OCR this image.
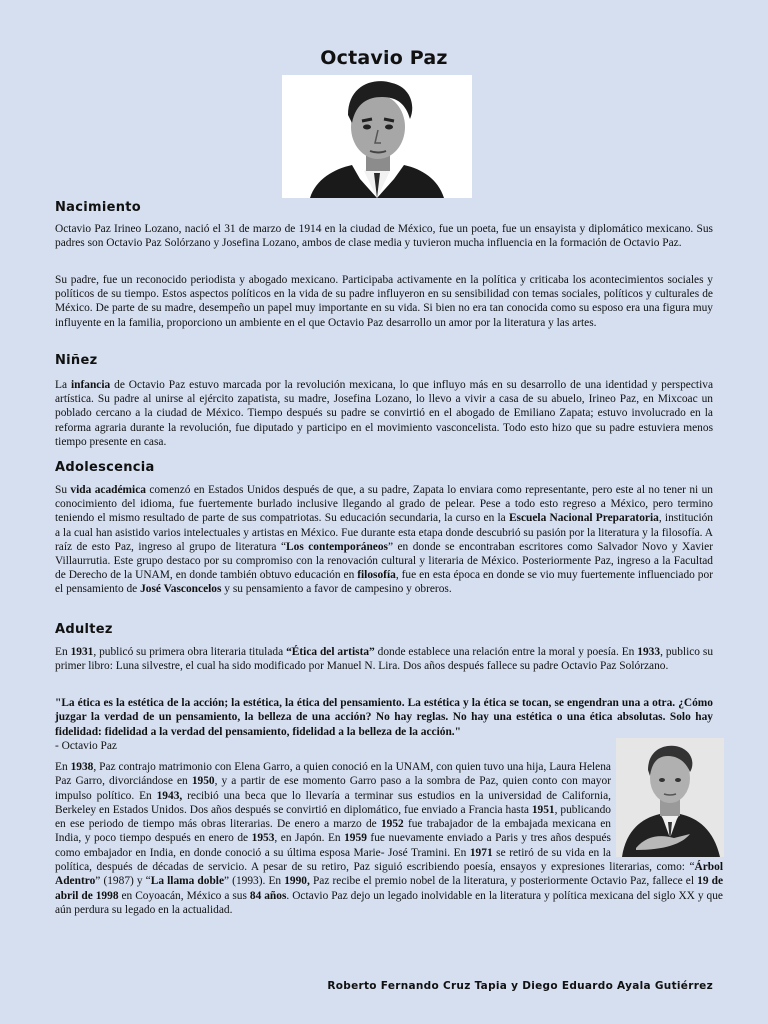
Octavio Paz
Nacimiento

Octavio Paz Irineo Lozano, nació el 31 de marzo de 1914 en la ciudad de México, fue un poeta, fue un ensayista y diplomático mexicano. Sus padres son Octavio Paz Solórzano y Josefina Lozano, ambos de clase media y tuvieron mucha influencia en la formación de Octavio Paz.

Su padre, fue un reconocido periodista y abogado mexicano. Participaba activamente en la política y criticaba los acontecimientos sociales y políticos de su tiempo. Estos aspectos políticos en la vida de su padre influyeron en su sensibilidad con temas sociales, políticos y culturales de México. De parte de su madre, desempeño un papel muy importante en su vida. Si bien no era tan conocida como su esposo era una figura muy influyente en la familia, proporciono un ambiente en el que Octavio Paz desarrollo un amor por la literatura y las artes.

Niñez

La infancia de Octavio Paz estuvo marcada por la revolución mexicana, lo que influyo más en su desarrollo de una identidad y perspectiva artística. Su padre al unirse al ejército zapatista, su madre, Josefina Lozano, lo llevo a vivir a casa de su abuelo, Irineo Paz, en Mixcoac un poblado cercano a la ciudad de México. Tiempo después su padre se convirtió en el abogado de Emiliano Zapata; estuvo involucrado en la reforma agraria durante la revolución, fue diputado y participo en el movimiento vasconcelista. Todo esto hizo que su padre estuviera menos tiempo presente en casa.

Adolescencia

Su vida académica comenzó en Estados Unidos después de que, a su padre, Zapata lo enviara como representante, pero este al no tener ni un conocimiento del idioma, fue fuertemente burlado inclusive llegando al grado de pelear. Pese a todo esto regreso a México, pero termino teniendo el mismo resultado de parte de sus compatriotas. Su educación secundaria, la curso en la Escuela Nacional Preparatoria, institución a la cual han asistido varios intelectuales y artistas en México. Fue durante esta etapa donde descubrió su pasión por la literatura y la filosofía. A raíz de esto Paz, ingreso al grupo de literatura “Los contemporáneos” en donde se encontraban escritores como Salvador Novo y Xavier Villaurrutia. Este grupo destaco por su compromiso con la renovación cultural y literaria de México. Posteriormente Paz, ingreso a la Facultad de Derecho de la UNAM, en donde también obtuvo educación en filosofía, fue en esta época en donde se vio muy fuertemente influenciado por el pensamiento de José Vasconcelos y su pensamiento a favor de campesino y obreros.

Adultez

En 1931, publicó su primera obra literaria titulada “Ética del artista” donde establece una relación entre la moral y poesía. En 1933, publico su primer libro: Luna silvestre, el cual ha sido modificado por Manuel N. Lira. Dos años después fallece su padre Octavio Paz Solórzano.

"La ética es la estética de la acción; la estética, la ética del pensamiento. La estética y la ética se tocan, se engendran una a otra. ¿Cómo juzgar la verdad de un pensamiento, la belleza de una acción? No hay reglas. No hay una estética o una ética absolutas. Solo hay fidelidad: fidelidad a la verdad del pensamiento, fidelidad a la belleza de la acción."
- Octavio Paz

En 1938, Paz contrajo matrimonio con Elena Garro, a quien conoció en la UNAM, con quien tuvo una hija, Laura Helena Paz Garro, divorciándose en 1950, y a partir de ese momento Garro paso a la sombra de Paz, quien conto con mayor impulso político. En 1943, recibió una beca que lo llevaría a terminar sus estudios en la universidad de California, Berkeley en Estados Unidos. Dos años después se convirtió en diplomático, fue enviado a Francia hasta 1951, publicando en ese periodo de tiempo más obras literarias. De enero a marzo de 1952 fue trabajador de la embajada mexicana en India, y poco tiempo después en enero de 1953, en Japón. En 1959 fue nuevamente enviado a Paris y tres años después como embajador en India, en donde conoció a su última esposa Marie- José Tramini. En 1971 se retiró de su vida en la política, después de décadas de servicio. A pesar de su retiro, Paz siguió escribiendo poesía, ensayos y expresiones literarias, como: “Árbol Adentro” (1987) y “La llama doble” (1993). En 1990, Paz recibe el premio nobel de la literatura, y posteriormente Octavio Paz, fallece el 19 de abril de 1998 en Coyoacán, México a sus 84 años. Octavio Paz dejo un legado inolvidable en la literatura y política mexicana del siglo XX y que aún perdura su legado en la actualidad.

Roberto Fernando Cruz Tapia y Diego Eduardo Ayala Gutiérrez
